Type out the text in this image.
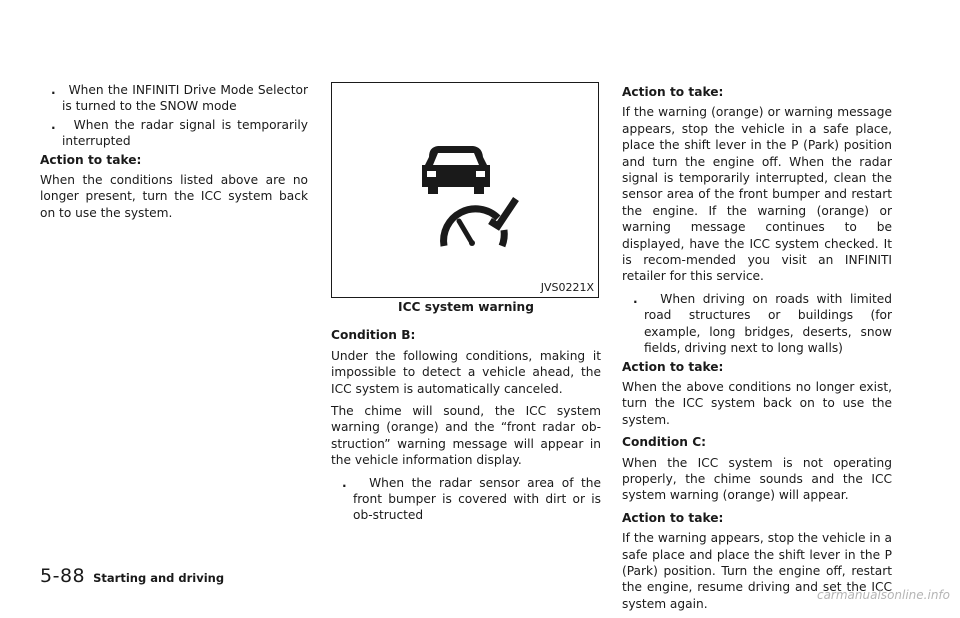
. When the INFINITI Drive Mode Selector is turned to the SNOW mode

. When the radar signal is temporarily interrupted

Action to take:

When the conditions listed above are no longer present, turn the ICC system back on to use the system.

JVS0221X
ICC system warning
Condition B:

Under the following conditions, making it impossible to detect a vehicle ahead, the ICC system is automatically canceled.

The chime will sound, the ICC system warning (orange) and the “front radar ob-struction” warning message will appear in the vehicle information display.

. When the radar sensor area of the front bumper is covered with dirt or is ob-structed

Action to take:

If the warning (orange) or warning message appears, stop the vehicle in a safe place, place the shift lever in the P (Park) position and turn the engine off. When the radar signal is temporarily interrupted, clean the sensor area of the front bumper and restart the engine. If the warning (orange) or warning message continues to be displayed, have the ICC system checked. It is recom-mended you visit an INFINITI retailer for this service.

. When driving on roads with limited road structures or buildings (for example, long bridges, deserts, snow fields, driving next to long walls)

Action to take:

When the above conditions no longer exist, turn the ICC system back on to use the system.

Condition C:

When the ICC system is not operating properly, the chime sounds and the ICC system warning (orange) will appear.

Action to take:

If the warning appears, stop the vehicle in a safe place and place the shift lever in the P (Park) position. Turn the engine off, restart the engine, resume driving and set the ICC system again.

5-88 Starting and driving
carmanualsonline.info
